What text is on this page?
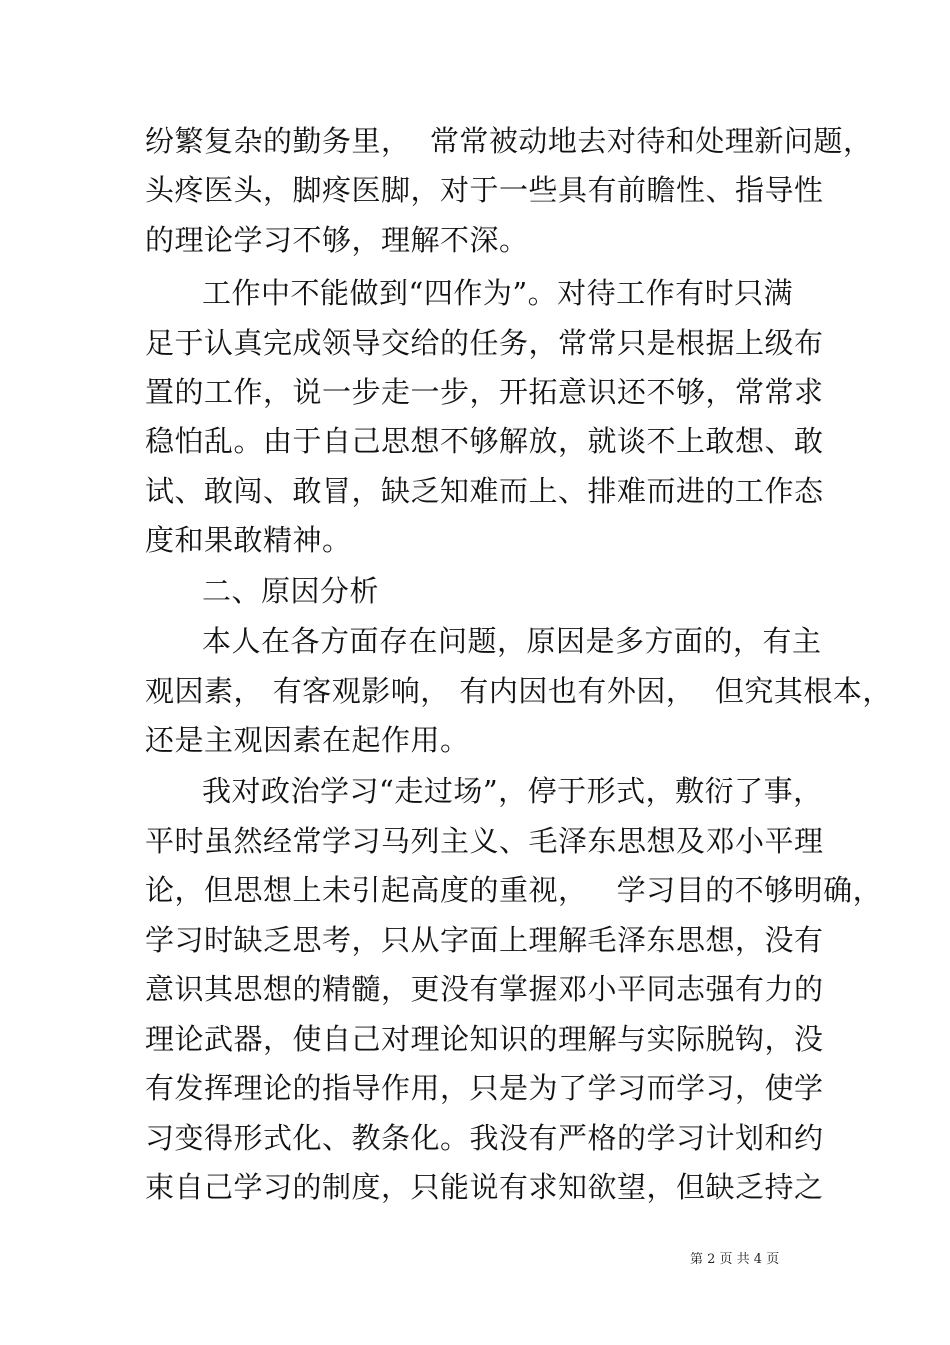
纷繁复杂的勤务里，  常常被动地去对待和处理新问题，
头疼医头，脚疼医脚，对于一些具有前瞻性、指导性
的理论学习不够，理解不深。
工作中不能做到“四作为”。对待工作有时只满
足于认真完成领导交给的任务，常常只是根据上级布
置的工作，说一步走一步，开拓意识还不够，常常求
稳怕乱。由于自己思想不够解放，就谈不上敢想、敢
试、敢闯、敢冒，缺乏知难而上、排难而进的工作态
度和果敢精神。
二、原因分析
本人在各方面存在问题，原因是多方面的，有主
观因素， 有客观影响， 有内因也有外因，  但究其根本，
还是主观因素在起作用。
我对政治学习“走过场”，停于形式，敷衍了事，
平时虽然经常学习马列主义、毛泽东思想及邓小平理
论，但思想上未引起高度的重视，   学习目的不够明确，
学习时缺乏思考，只从字面上理解毛泽东思想，没有
意识其思想的精髓，更没有掌握邓小平同志强有力的
理论武器，使自己对理论知识的理解与实际脱钩，没
有发挥理论的指导作用，只是为了学习而学习，使学
习变得形式化、教条化。我没有严格的学习计划和约
束自己学习的制度，只能说有求知欲望，但缺乏持之
第 2 页 共 4 页
